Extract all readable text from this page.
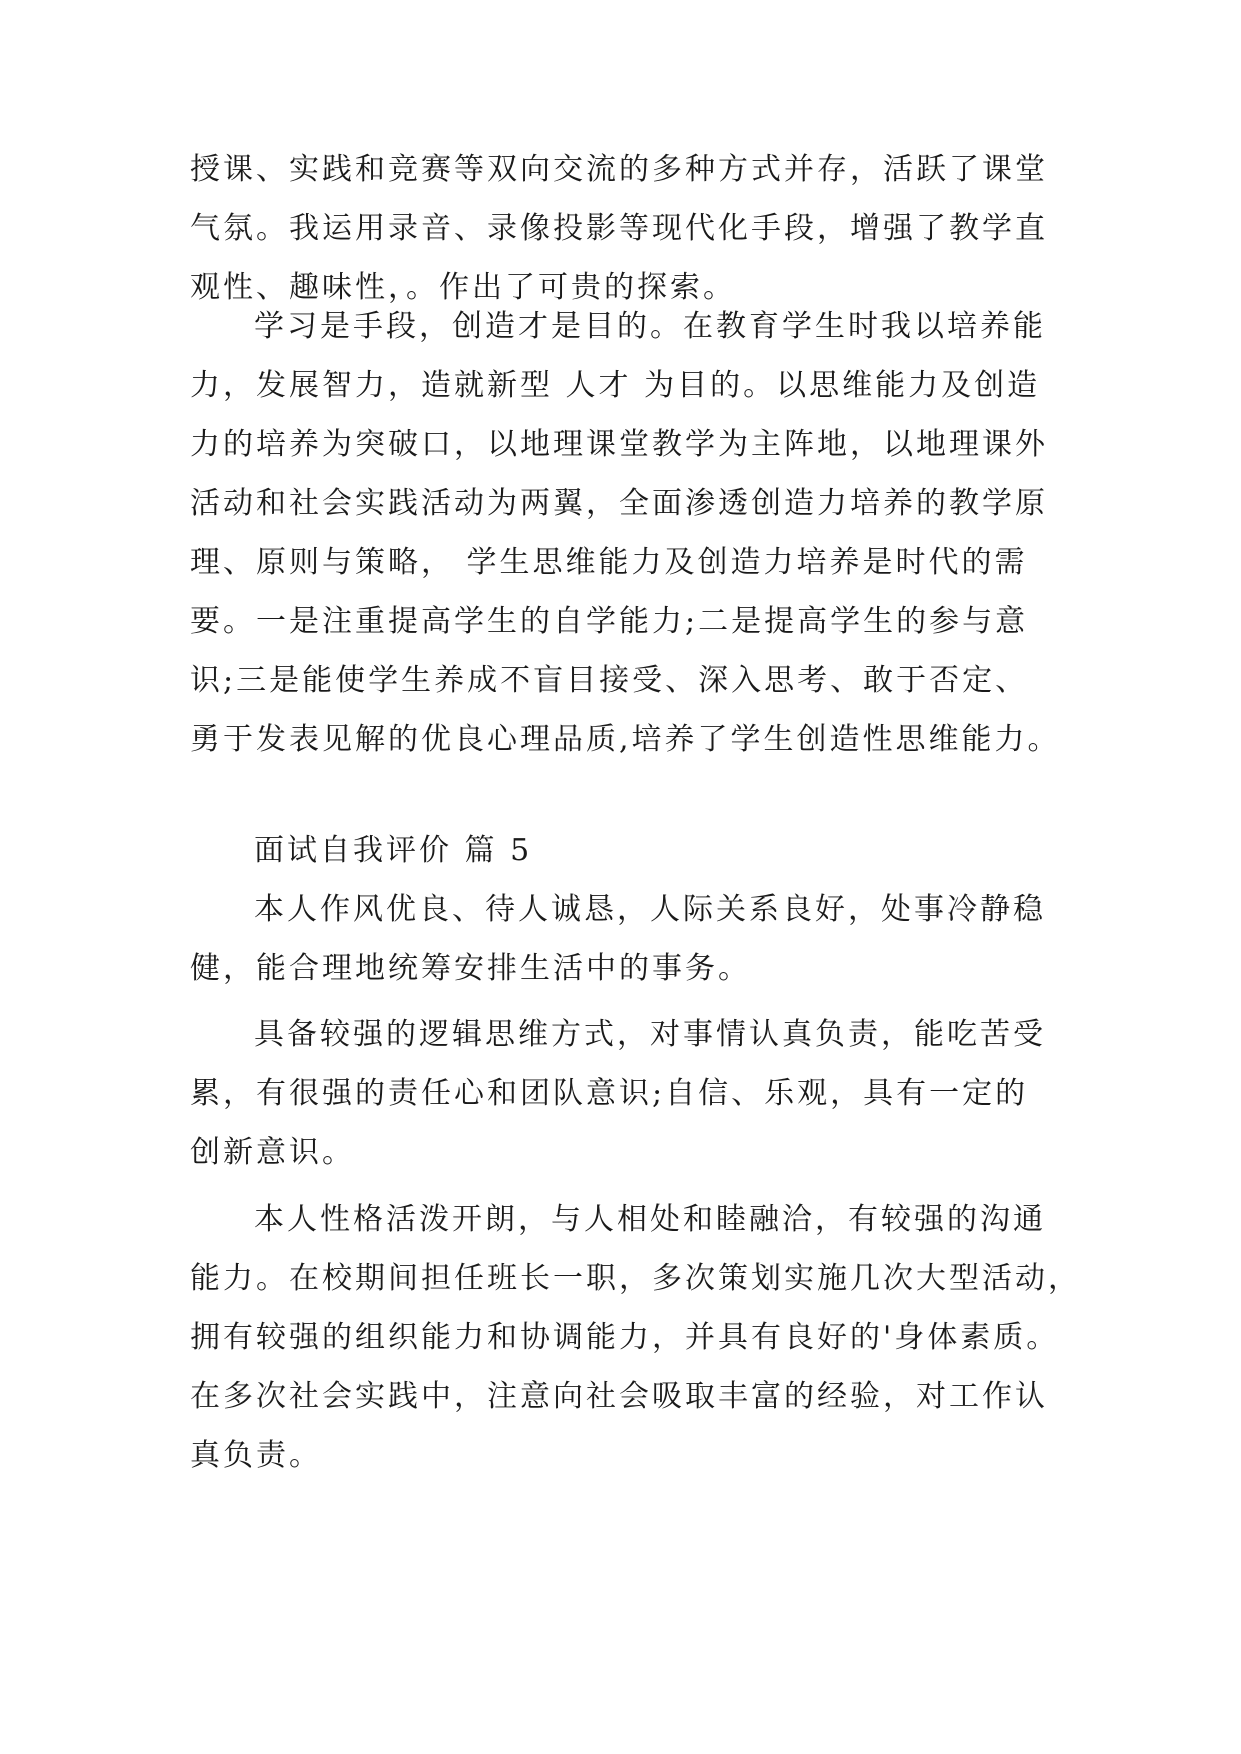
授课、实践和竞赛等双向交流的多种方式并存，活跃了课堂
气氛。我运用录音、录像投影等现代化手段，增强了教学直
观性、趣味性，。作出了可贵的探索。
学习是手段，创造才是目的。在教育学生时我以培养能
力，发展智力，造就新型 人才 为目的。以思维能力及创造
力的培养为突破口，以地理课堂教学为主阵地，以地理课外
活动和社会实践活动为两翼，全面渗透创造力培养的教学原
理、原则与策略， 学生思维能力及创造力培养是时代的需
要。一是注重提高学生的自学能力;二是提高学生的参与意
识;三是能使学生养成不盲目接受、深入思考、敢于否定、
勇于发表见解的优良心理品质,培养了学生创造性思维能力。
面试自我评价 篇 5
本人作风优良、待人诚恳，人际关系良好，处事冷静稳
健，能合理地统筹安排生活中的事务。
具备较强的逻辑思维方式，对事情认真负责，能吃苦受
累，有很强的责任心和团队意识;自信、乐观，具有一定的
创新意识。
本人性格活泼开朗，与人相处和睦融洽，有较强的沟通
能力。在校期间担任班长一职，多次策划实施几次大型活动，
拥有较强的组织能力和协调能力，并具有良好的'身体素质。
在多次社会实践中，注意向社会吸取丰富的经验，对工作认
真负责。
